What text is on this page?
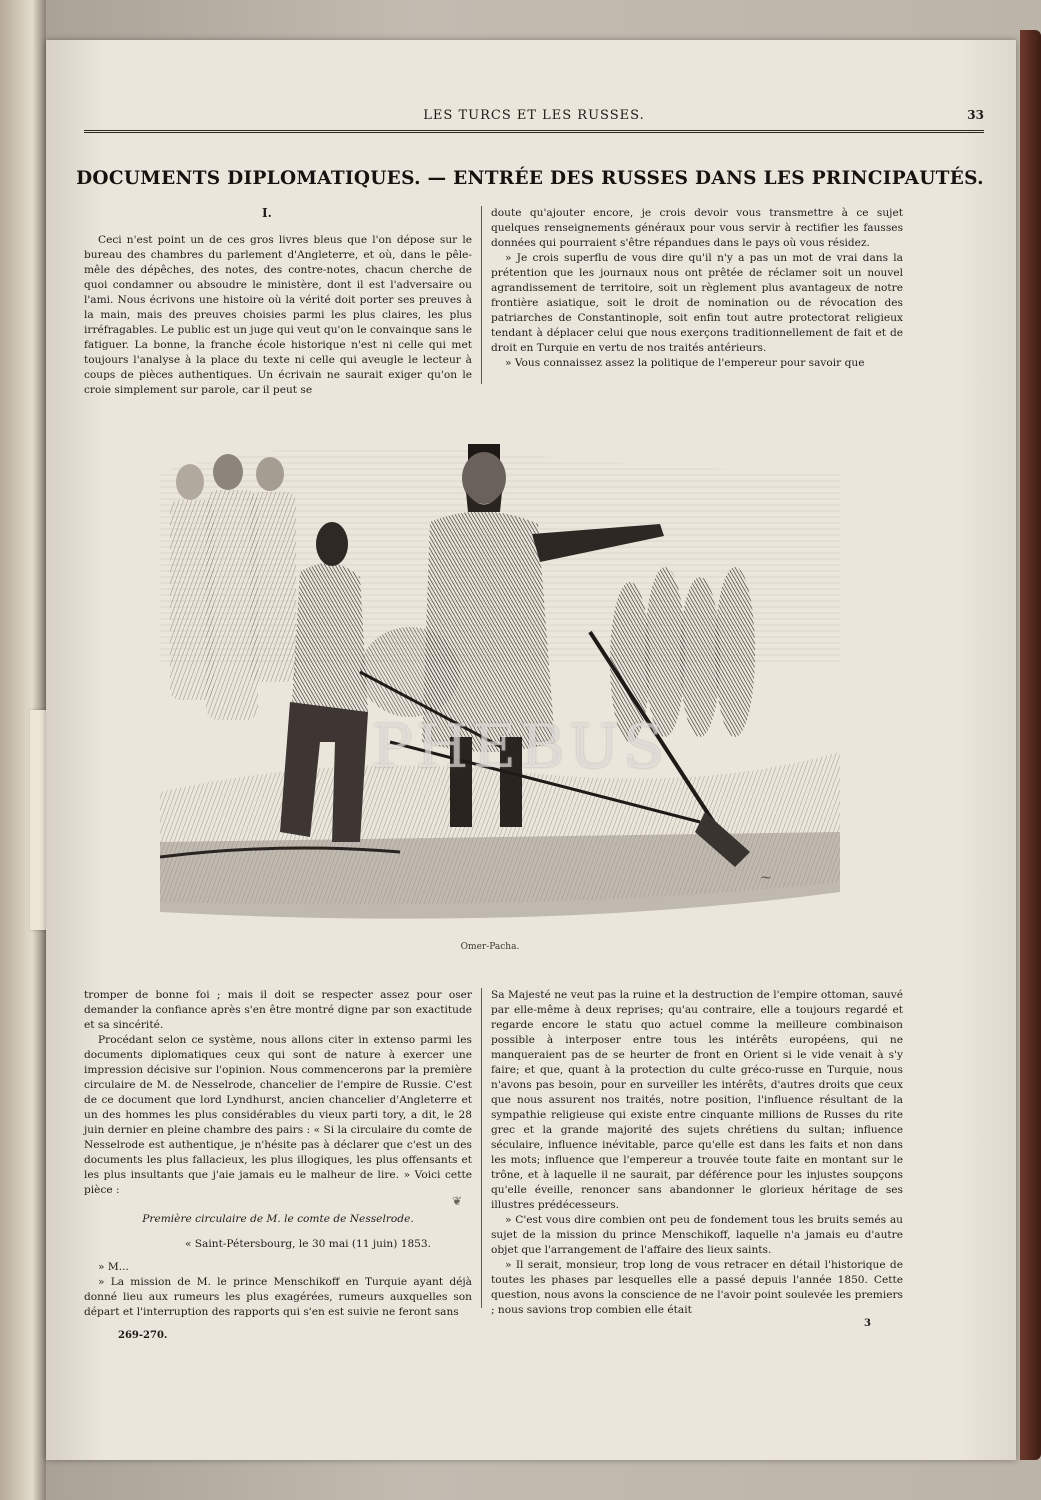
LES TURCS ET LES RUSSES.	33
DOCUMENTS DIPLOMATIQUES. — ENTRÉE DES RUSSES DANS LES PRINCIPAUTÉS.

I.

Ceci n'est point un de ces gros livres bleus que l'on dépose sur le bureau des chambres du parlement d'Angleterre, et où, dans le pêle-mêle des dépêches, des notes, des contre-notes, chacun cherche de quoi condamner ou absoudre le ministère, dont il est l'adversaire ou l'ami. Nous écrivons une histoire où la vérité doit porter ses preuves à la main, mais des preuves choisies parmi les plus claires, les plus irréfragables. Le public est un juge qui veut qu'on le convainque sans le fatiguer. La bonne, la franche école historique n'est ni celle qui met toujours l'analyse à la place du texte ni celle qui aveugle le lecteur à coups de pièces authentiques. Un écrivain ne saurait exiger qu'on le croie simplement sur parole, car il peut se

doute qu'ajouter encore, je crois devoir vous transmettre à ce sujet quelques renseignements généraux pour vous servir à rectifier les fausses données qui pourraient s'être répandues dans le pays où vous résidez.

» Je crois superflu de vous dire qu'il n'y a pas un mot de vrai dans la prétention que les journaux nous ont prêtée de réclamer soit un nouvel agrandissement de territoire, soit un règlement plus avantageux de notre frontière asiatique, soit le droit de nomination ou de révocation des patriarches de Constantinople, soit enfin tout autre protectorat religieux tendant à déplacer celui que nous exerçons traditionnellement de fait et de droit en Turquie en vertu de nos traités antérieurs.

» Vous connaissez assez la politique de l'empereur pour savoir que

~
PHEBUS
Omer-Pacha.

tromper de bonne foi ; mais il doit se respecter assez pour oser demander la confiance après s'en être montré digne par son exactitude et sa sincérité.

Procédant selon ce système, nous allons citer in extenso parmi les documents diplomatiques ceux qui sont de nature à exercer une impression décisive sur l'opinion. Nous commencerons par la première circulaire de M. de Nesselrode, chancelier de l'empire de Russie. C'est de ce document que lord Lyndhurst, ancien chancelier d'Angleterre et un des hommes les plus considérables du vieux parti tory, a dit, le 28 juin dernier en pleine chambre des pairs : « Si la circulaire du comte de Nesselrode est authentique, je n'hésite pas à déclarer que c'est un des documents les plus fallacieux, les plus illogiques, les plus offensants et les plus insultants que j'aie jamais eu le malheur de lire. » Voici cette pièce :

Première circulaire de M. le comte de Nesselrode.

« Saint-Pétersbourg, le 30 mai (11 juin) 1853.

» M...

» La mission de M. le prince Menschikoff en Turquie ayant déjà donné lieu aux rumeurs les plus exagérées, rumeurs auxquelles son départ et l'interruption des rapports qui s'en est suivie ne feront sans

❦
269-270.

Sa Majesté ne veut pas la ruine et la destruction de l'empire ottoman, sauvé par elle-même à deux reprises; qu'au contraire, elle a toujours regardé et regarde encore le statu quo actuel comme la meilleure combinaison possible à interposer entre tous les intérêts européens, qui ne manqueraient pas de se heurter de front en Orient si le vide venait à s'y faire; et que, quant à la protection du culte gréco-russe en Turquie, nous n'avons pas besoin, pour en surveiller les intérêts, d'autres droits que ceux que nous assurent nos traités, notre position, l'influence résultant de la sympathie religieuse qui existe entre cinquante millions de Russes du rite grec et la grande majorité des sujets chrétiens du sultan; influence séculaire, influence inévitable, parce qu'elle est dans les faits et non dans les mots; influence que l'empereur a trouvée toute faite en montant sur le trône, et à laquelle il ne saurait, par déférence pour les injustes soupçons qu'elle éveille, renoncer sans abandonner le glorieux héritage de ses illustres prédécesseurs.

» C'est vous dire combien ont peu de fondement tous les bruits semés au sujet de la mission du prince Menschikoff, laquelle n'a jamais eu d'autre objet que l'arrangement de l'affaire des lieux saints.

» Il serait, monsieur, trop long de vous retracer en détail l'historique de toutes les phases par lesquelles elle a passé depuis l'année 1850. Cette question, nous avons la conscience de ne l'avoir point soulevée les premiers ; nous savions trop combien elle était

3
